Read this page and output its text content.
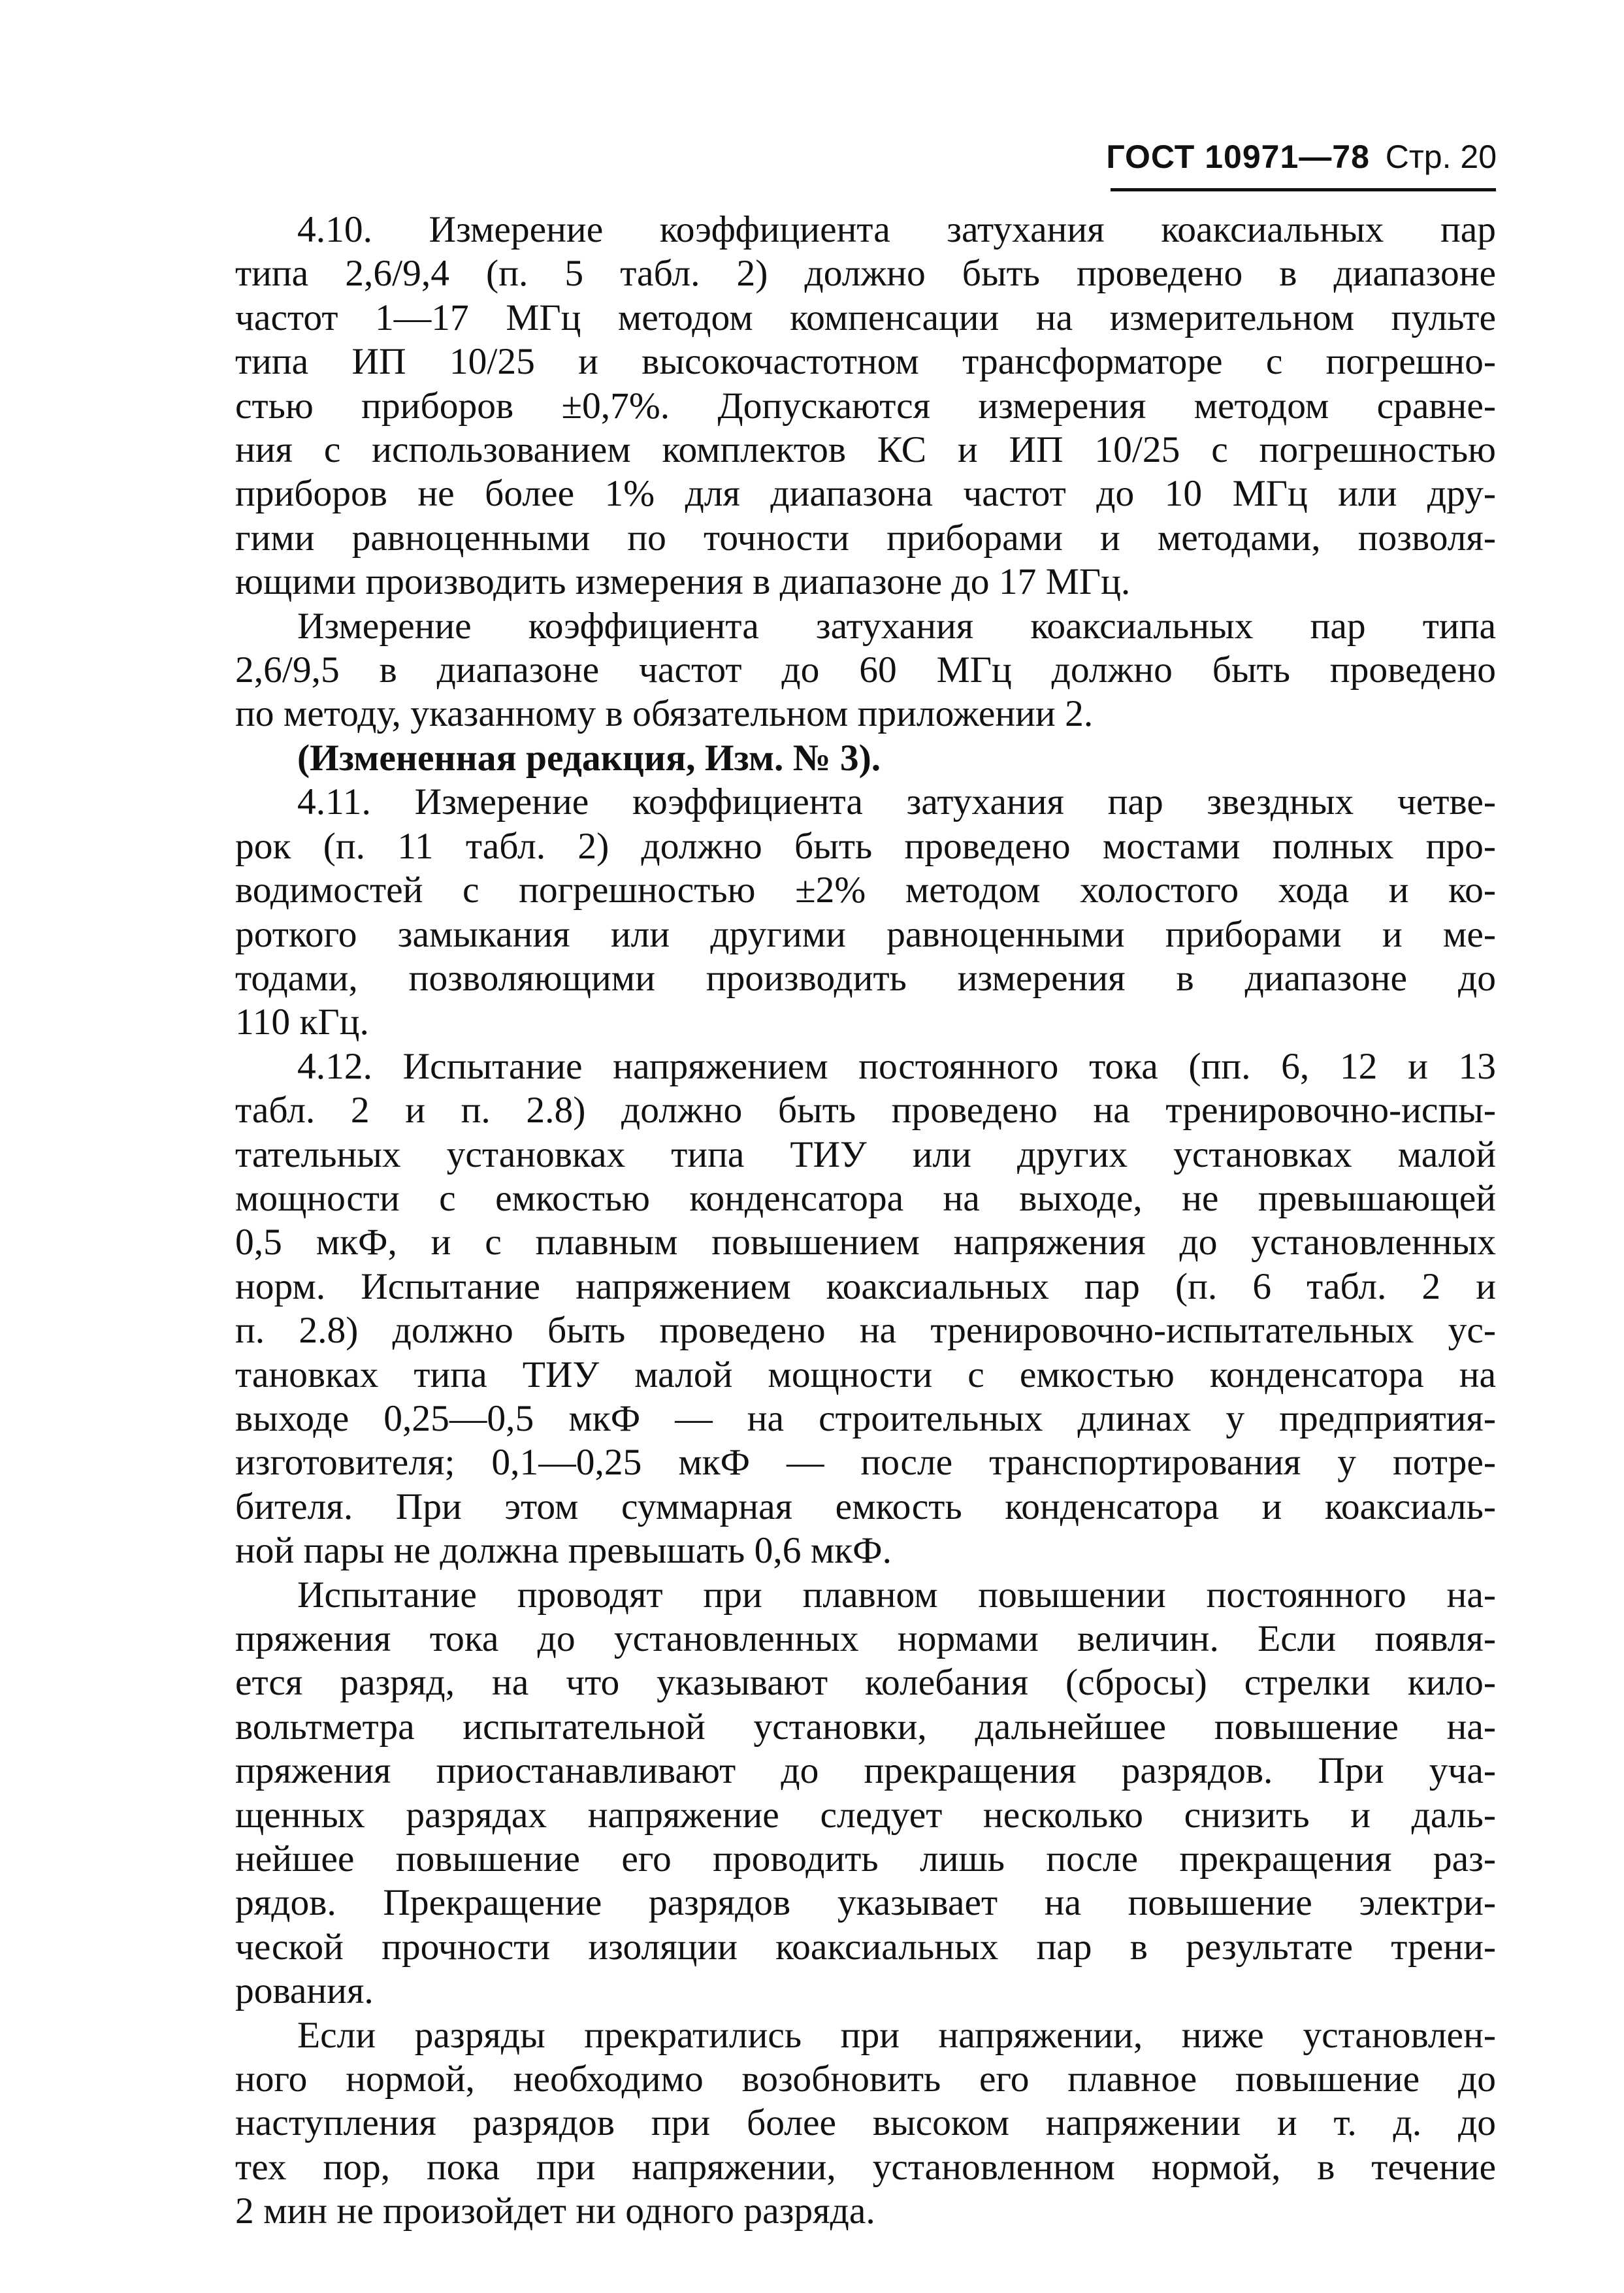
ГОСТ 10971—78 Стр. 20

4.10. Измерение коэффициента затухания коаксиальных пар
типа 2,6/9,4 (п. 5 табл. 2) должно быть проведено в диапазоне
частот 1—17 МГц методом компенсации на измерительном пульте
типа ИП 10/25 и высокочастотном трансформаторе с погрешно-
стью приборов ±0,7%. Допускаются измерения методом сравне-
ния с использованием комплектов КС и ИП 10/25 с погрешностью
приборов не более 1% для диапазона частот до 10 МГц или дру-
гими равноценными по точности приборами и методами, позволя-
ющими производить измерения в диапазоне до 17 МГц.

Измерение коэффициента затухания коаксиальных пар типа
2,6/9,5 в диапазоне частот до 60 МГц должно быть проведено
по методу, указанному в обязательном приложении 2.

(Измененная редакция, Изм. № 3).

4.11. Измерение коэффициента затухания пар звездных четве-
рок (п. 11 табл. 2) должно быть проведено мостами полных про-
водимостей с погрешностью ±2% методом холостого хода и ко-
роткого замыкания или другими равноценными приборами и ме-
тодами, позволяющими производить измерения в диапазоне до
110 кГц.

4.12. Испытание напряжением постоянного тока (пп. 6, 12 и 13
табл. 2 и п. 2.8) должно быть проведено на тренировочно-испы-
тательных установках типа ТИУ или других установках малой
мощности с емкостью конденсатора на выходе, не превышающей
0,5 мкФ, и с плавным повышением напряжения до установленных
норм. Испытание напряжением коаксиальных пар (п. 6 табл. 2 и
п. 2.8) должно быть проведено на тренировочно-испытательных ус-
тановках типа ТИУ малой мощности с емкостью конденсатора на
выходе 0,25—0,5 мкФ — на строительных длинах у предприятия-
изготовителя; 0,1—0,25 мкФ — после транспортирования у потре-
бителя. При этом суммарная емкость конденсатора и коаксиаль-
ной пары не должна превышать 0,6 мкФ.

Испытание проводят при плавном повышении постоянного на-
пряжения тока до установленных нормами величин. Если появля-
ется разряд, на что указывают колебания (сбросы) стрелки кило-
вольтметра испытательной установки, дальнейшее повышение на-
пряжения приостанавливают до прекращения разрядов. При уча-
щенных разрядах напряжение следует несколько снизить и даль-
нейшее повышение его проводить лишь после прекращения раз-
рядов. Прекращение разрядов указывает на повышение электри-
ческой прочности изоляции коаксиальных пар в результате трени-
рования.

Если разряды прекратились при напряжении, ниже установлен-
ного нормой, необходимо возобновить его плавное повышение до
наступления разрядов при более высоком напряжении и т. д. до
тех пор, пока при напряжении, установленном нормой, в течение
2 мин не произойдет ни одного разряда.
